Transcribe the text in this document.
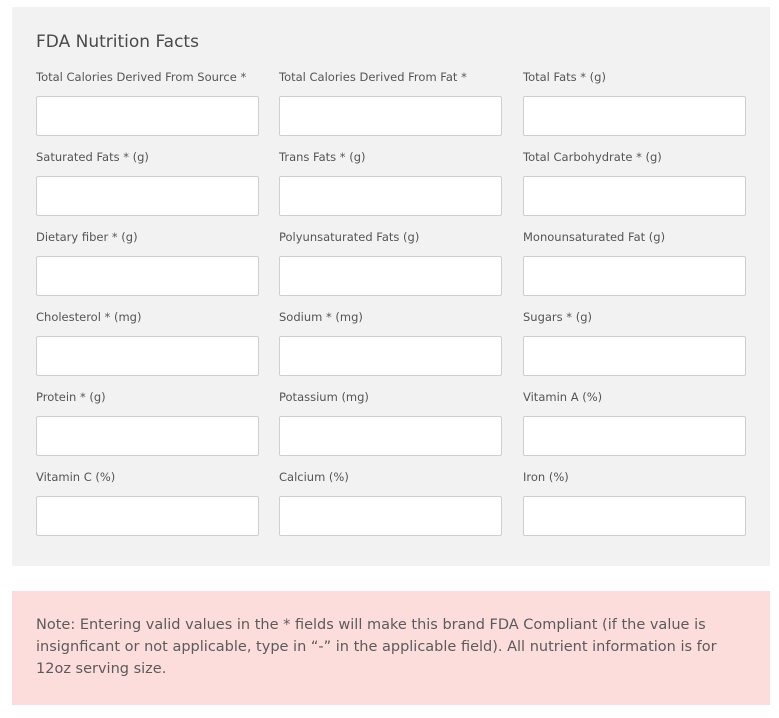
FDA Nutrition Facts
Total Calories Derived From Source *	Total Calories Derived From Fat *	Total Fats * (g)
Saturated Fats * (g)	Trans Fats * (g)	Total Carbohydrate * (g)
Dietary fiber * (g)	Polyunsaturated Fats (g)	Monounsaturated Fat (g)
Cholesterol * (mg)	Sodium * (mg)	Sugars * (g)
Protein * (g)	Potassium (mg)	Vitamin A (%)
Vitamin C (%)	Calcium (%)	Iron (%)
Note: Entering valid values in the * fields will make this brand FDA Compliant (if the value is insignficant or not applicable, type in “-” in the applicable field). All nutrient information is for 12oz serving size.
